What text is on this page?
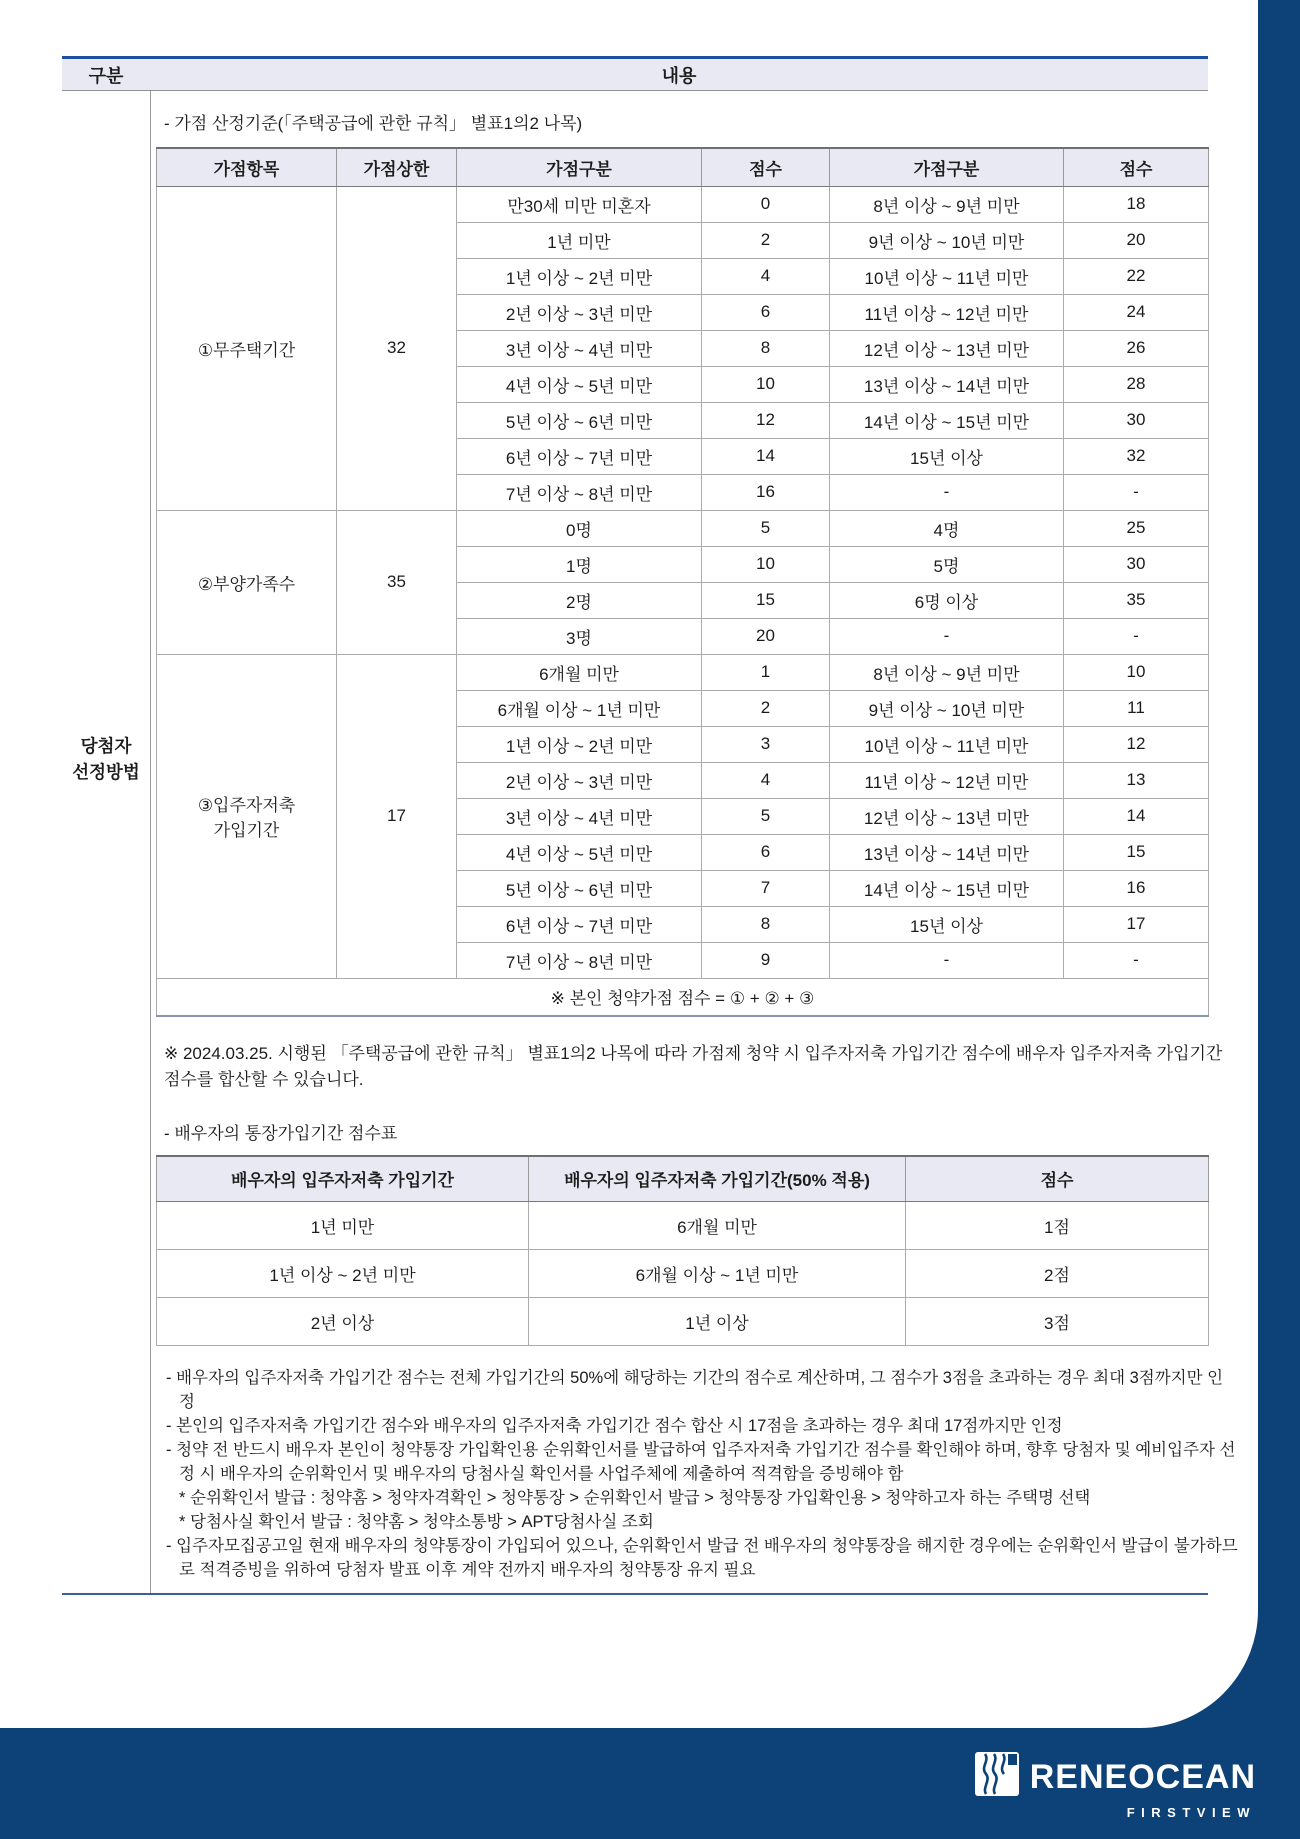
구분	내용
당첨자
선정방법

- 가점 산정기준(「주택공급에 관한 규칙」 별표1의2 나목)

가점항목	가점상한	가점구분	점수	가점구분	점수

①무주택기간	32	만30세 미만 미혼자	0	8년 이상 ~ 9년 미만	18
		1년 미만	2	9년 이상 ~ 10년 미만	20
		1년 이상 ~ 2년 미만	4	10년 이상 ~ 11년 미만	22
		2년 이상 ~ 3년 미만	6	11년 이상 ~ 12년 미만	24
		3년 이상 ~ 4년 미만	8	12년 이상 ~ 13년 미만	26
		4년 이상 ~ 5년 미만	10	13년 이상 ~ 14년 미만	28
		5년 이상 ~ 6년 미만	12	14년 이상 ~ 15년 미만	30
		6년 이상 ~ 7년 미만	14	15년 이상	32
		7년 이상 ~ 8년 미만	16	-	-

②부양가족수	35	0명	5	4명	25
		1명	10	5명	30
		2명	15	6명 이상	35
		3명	20	-	-

③입주자저축
가입기간	17	6개월 미만	1	8년 이상 ~ 9년 미만	10
		6개월 이상 ~ 1년 미만	2	9년 이상 ~ 10년 미만	11
		1년 이상 ~ 2년 미만	3	10년 이상 ~ 11년 미만	12
		2년 이상 ~ 3년 미만	4	11년 이상 ~ 12년 미만	13
		3년 이상 ~ 4년 미만	5	12년 이상 ~ 13년 미만	14
		4년 이상 ~ 5년 미만	6	13년 이상 ~ 14년 미만	15
		5년 이상 ~ 6년 미만	7	14년 이상 ~ 15년 미만	16
		6년 이상 ~ 7년 미만	8	15년 이상	17
		7년 이상 ~ 8년 미만	9	-	-
※ 본인 청약가점 점수 = ① + ② + ③					

※ 2024.03.25. 시행된 「주택공급에 관한 규칙」 별표1의2 나목에 따라 가점제 청약 시 입주자저축 가입기간 점수에 배우자 입주자저축 가입기간 점수를 합산할 수 있습니다.

- 배우자의 통장가입기간 점수표

배우자의 입주자저축 가입기간	배우자의 입주자저축 가입기간(50% 적용)	점수
1년 미만	6개월 미만	1점
1년 이상 ~ 2년 미만	6개월 이상 ~ 1년 미만	2점
2년 이상	1년 이상	3점

- 배우자의 입주자저축 가입기간 점수는 전체 가입기간의 50%에 해당하는 기간의 점수로 계산하며, 그 점수가 3점을 초과하는 경우 최대 3점까지만 인정

- 본인의 입주자저축 가입기간 점수와 배우자의 입주자저축 가입기간 점수 합산 시 17점을 초과하는 경우 최대 17점까지만 인정

- 청약 전 반드시 배우자 본인이 청약통장 가입확인용 순위확인서를 발급하여 입주자저축 가입기간 점수를 확인해야 하며, 향후 당첨자 및 예비입주자 선정 시 배우자의 순위확인서 및 배우자의 당첨사실 확인서를 사업주체에 제출하여 적격함을 증빙해야 함

* 순위확인서 발급 : 청약홈 > 청약자격확인 > 청약통장 > 순위확인서 발급 > 청약통장 가입확인용 > 청약하고자 하는 주택명 선택

* 당첨사실 확인서 발급 : 청약홈 > 청약소통방 > APT당첨사실 조회

- 입주자모집공고일 현재 배우자의 청약통장이 가입되어 있으나, 순위확인서 발급 전 배우자의 청약통장을 해지한 경우에는 순위확인서 발급이 불가하므로 적격증빙을 위하여 당첨자 발표 이후 계약 전까지 배우자의 청약통장 유지 필요

RENEOCEAN
FIRSTVIEW
